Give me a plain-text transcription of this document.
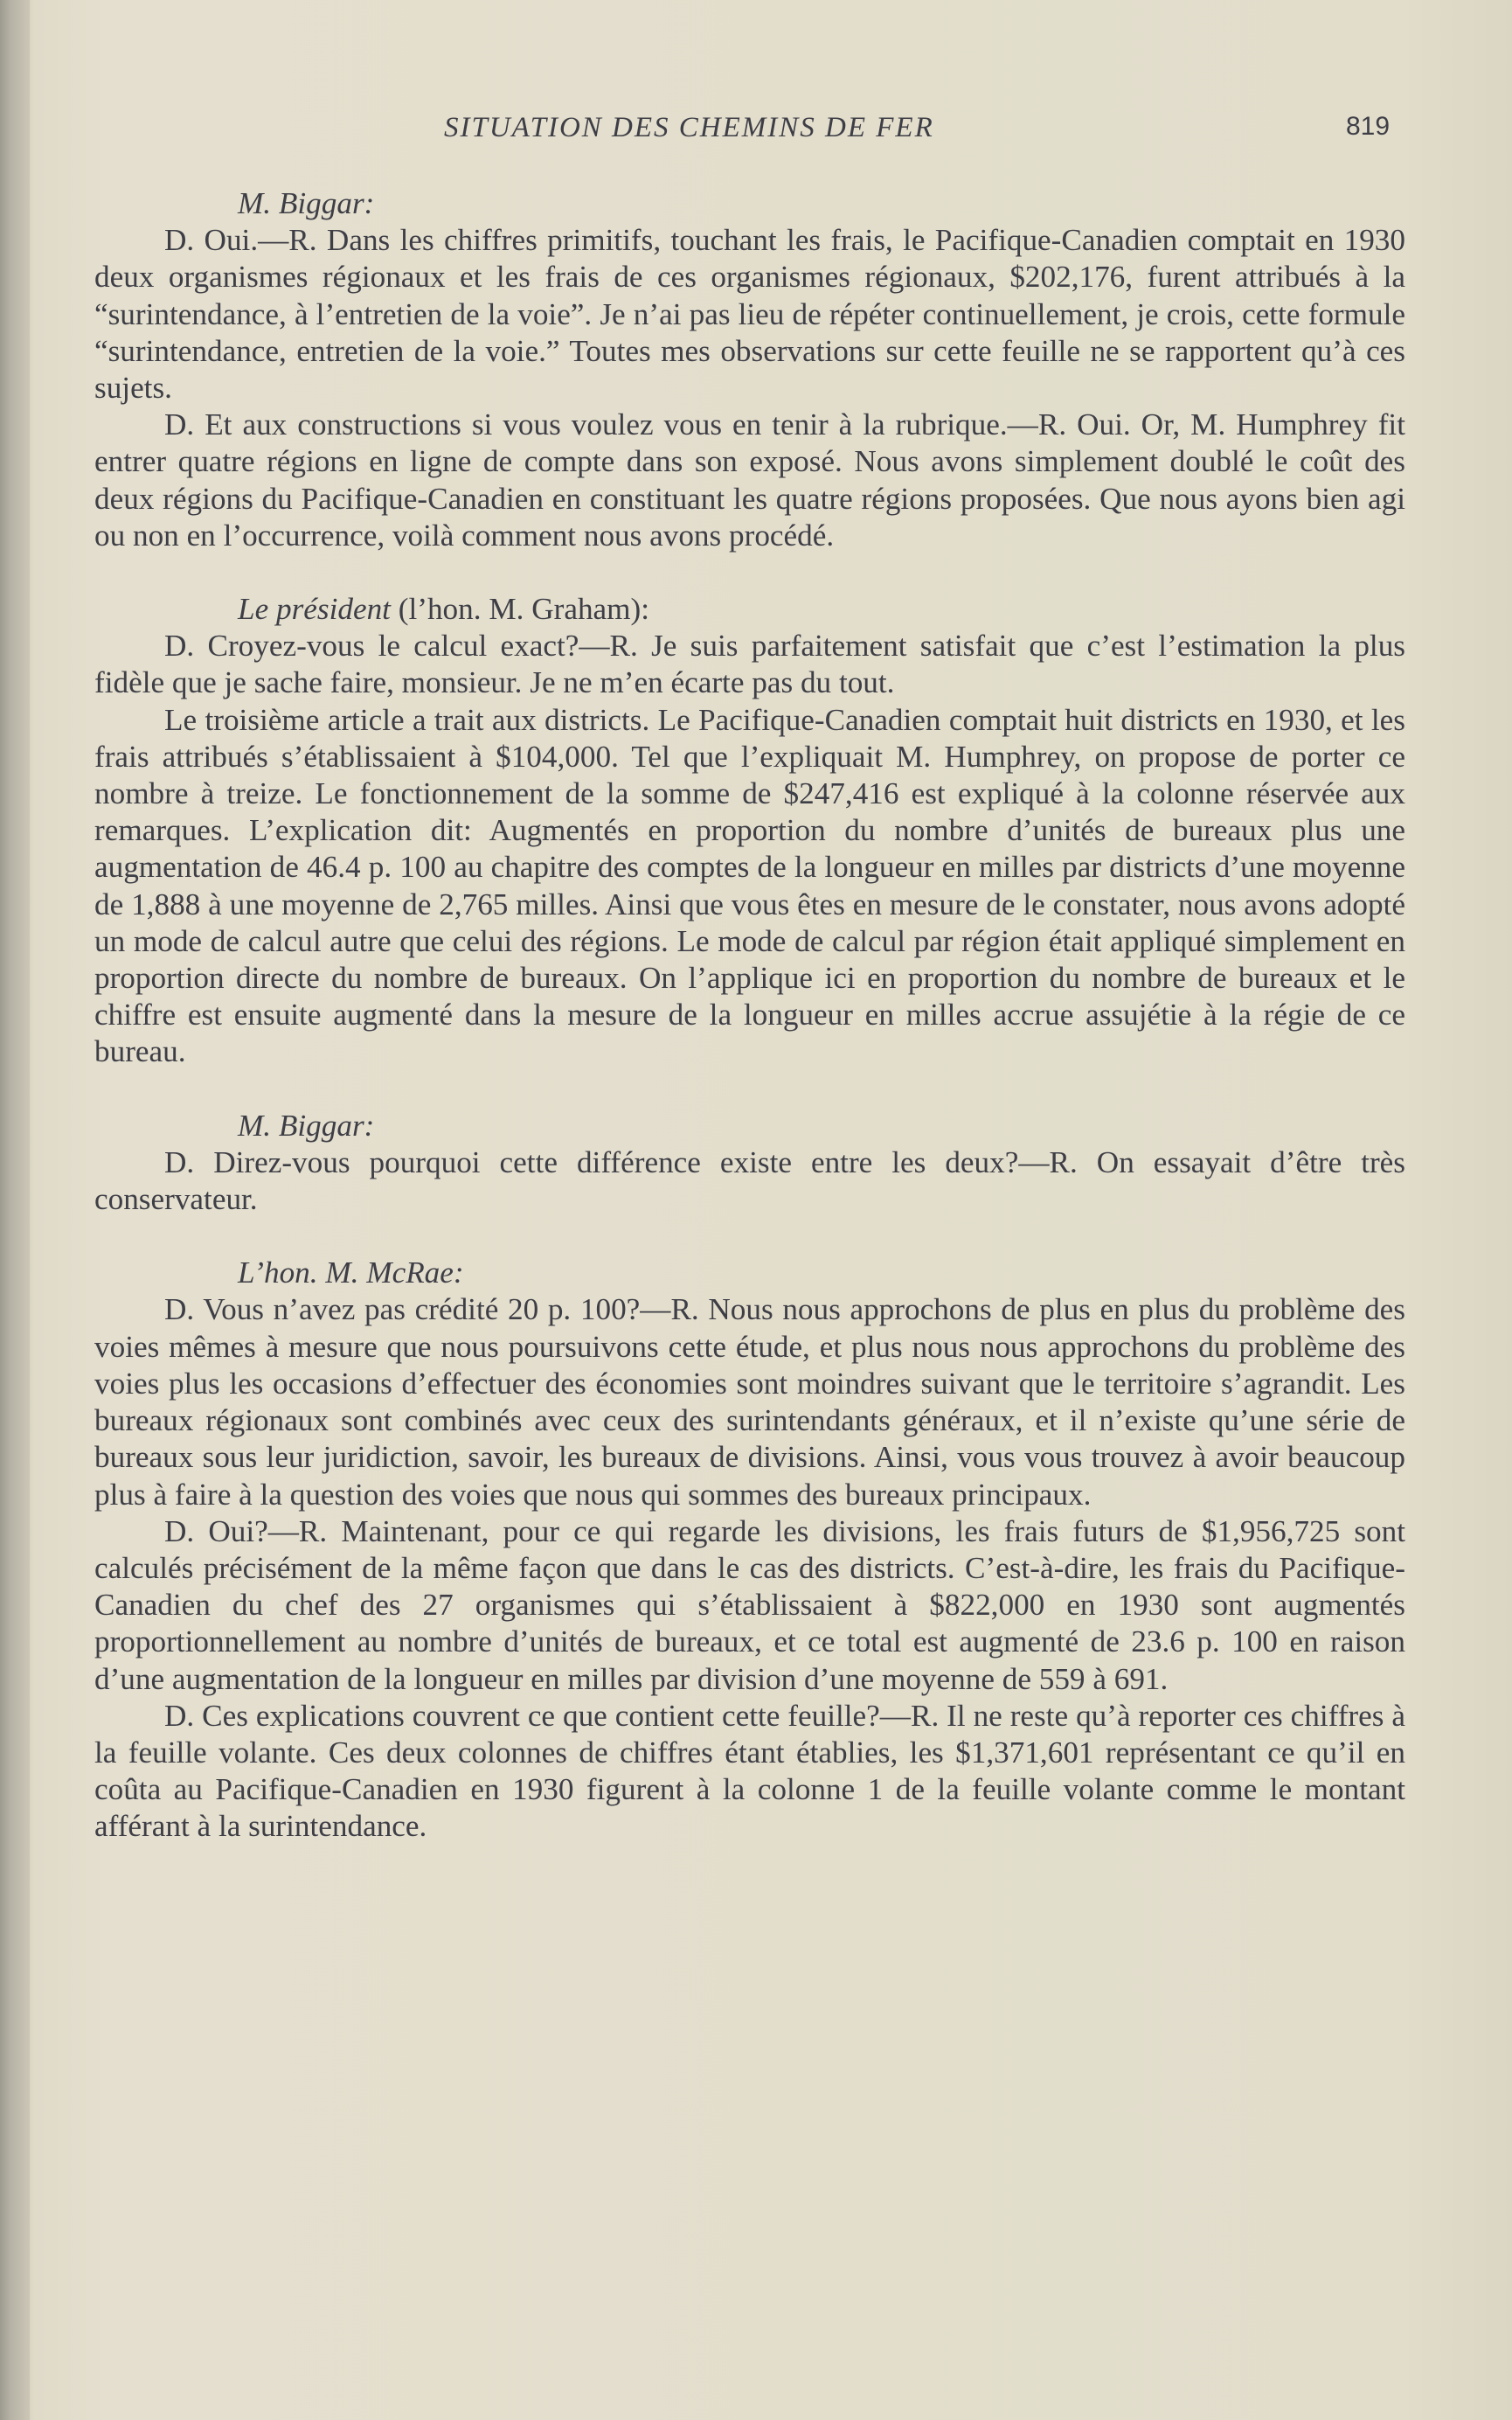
SITUATION DES CHEMINS DE FER	819

M. Biggar:

D. Oui.—R. Dans les chiffres primitifs, touchant les frais, le Pacifique-Canadien comptait en 1930 deux organismes régionaux et les frais de ces organismes régionaux, $202,176, furent attribués à la “surintendance, à l’entretien de la voie”. Je n’ai pas lieu de répéter continuellement, je crois, cette formule “surintendance, entretien de la voie.” Toutes mes observations sur cette feuille ne se rapportent qu’à ces sujets.

D. Et aux constructions si vous voulez vous en tenir à la rubrique.—R. Oui. Or, M. Humphrey fit entrer quatre régions en ligne de compte dans son exposé. Nous avons simplement doublé le coût des deux régions du Pacifique-Canadien en constituant les quatre régions proposées. Que nous ayons bien agi ou non en l’occurrence, voilà comment nous avons procédé.

Le président (l’hon. M. Graham):

D. Croyez-vous le calcul exact?—R. Je suis parfaitement satisfait que c’est l’estimation la plus fidèle que je sache faire, monsieur. Je ne m’en écarte pas du tout.

Le troisième article a trait aux districts. Le Pacifique-Canadien comptait huit districts en 1930, et les frais attribués s’établissaient à $104,000. Tel que l’expliquait M. Humphrey, on propose de porter ce nombre à treize. Le fonctionnement de la somme de $247,416 est expliqué à la colonne réservée aux remarques. L’explication dit: Augmentés en proportion du nombre d’unités de bureaux plus une augmentation de 46.4 p. 100 au chapitre des comptes de la longueur en milles par districts d’une moyenne de 1,888 à une moyenne de 2,765 milles. Ainsi que vous êtes en mesure de le constater, nous avons adopté un mode de calcul autre que celui des régions. Le mode de calcul par région était appliqué simplement en proportion directe du nombre de bureaux. On l’applique ici en proportion du nombre de bureaux et le chiffre est ensuite augmenté dans la mesure de la longueur en milles accrue assujétie à la régie de ce bureau.

M. Biggar:

D. Direz-vous pourquoi cette différence existe entre les deux?—R. On essayait d’être très conservateur.

L’hon. M. McRae:

D. Vous n’avez pas crédité 20 p. 100?—R. Nous nous approchons de plus en plus du problème des voies mêmes à mesure que nous poursuivons cette étude, et plus nous nous approchons du problème des voies plus les occasions d’effectuer des économies sont moindres suivant que le territoire s’agrandit. Les bureaux régionaux sont combinés avec ceux des surintendants généraux, et il n’existe qu’une série de bureaux sous leur juridiction, savoir, les bureaux de divisions. Ainsi, vous vous trouvez à avoir beaucoup plus à faire à la question des voies que nous qui sommes des bureaux principaux.

D. Oui?—R. Maintenant, pour ce qui regarde les divisions, les frais futurs de $1,956,725 sont calculés précisément de la même façon que dans le cas des districts. C’est-à-dire, les frais du Pacifique-Canadien du chef des 27 organismes qui s’établissaient à $822,000 en 1930 sont augmentés proportionnellement au nombre d’unités de bureaux, et ce total est augmenté de 23.6 p. 100 en raison d’une augmentation de la longueur en milles par division d’une moyenne de 559 à 691.

D. Ces explications couvrent ce que contient cette feuille?—R. Il ne reste qu’à reporter ces chiffres à la feuille volante. Ces deux colonnes de chiffres étant établies, les $1,371,601 représentant ce qu’il en coûta au Pacifique-Canadien en 1930 figurent à la colonne 1 de la feuille volante comme le montant afférant à la surintendance.
